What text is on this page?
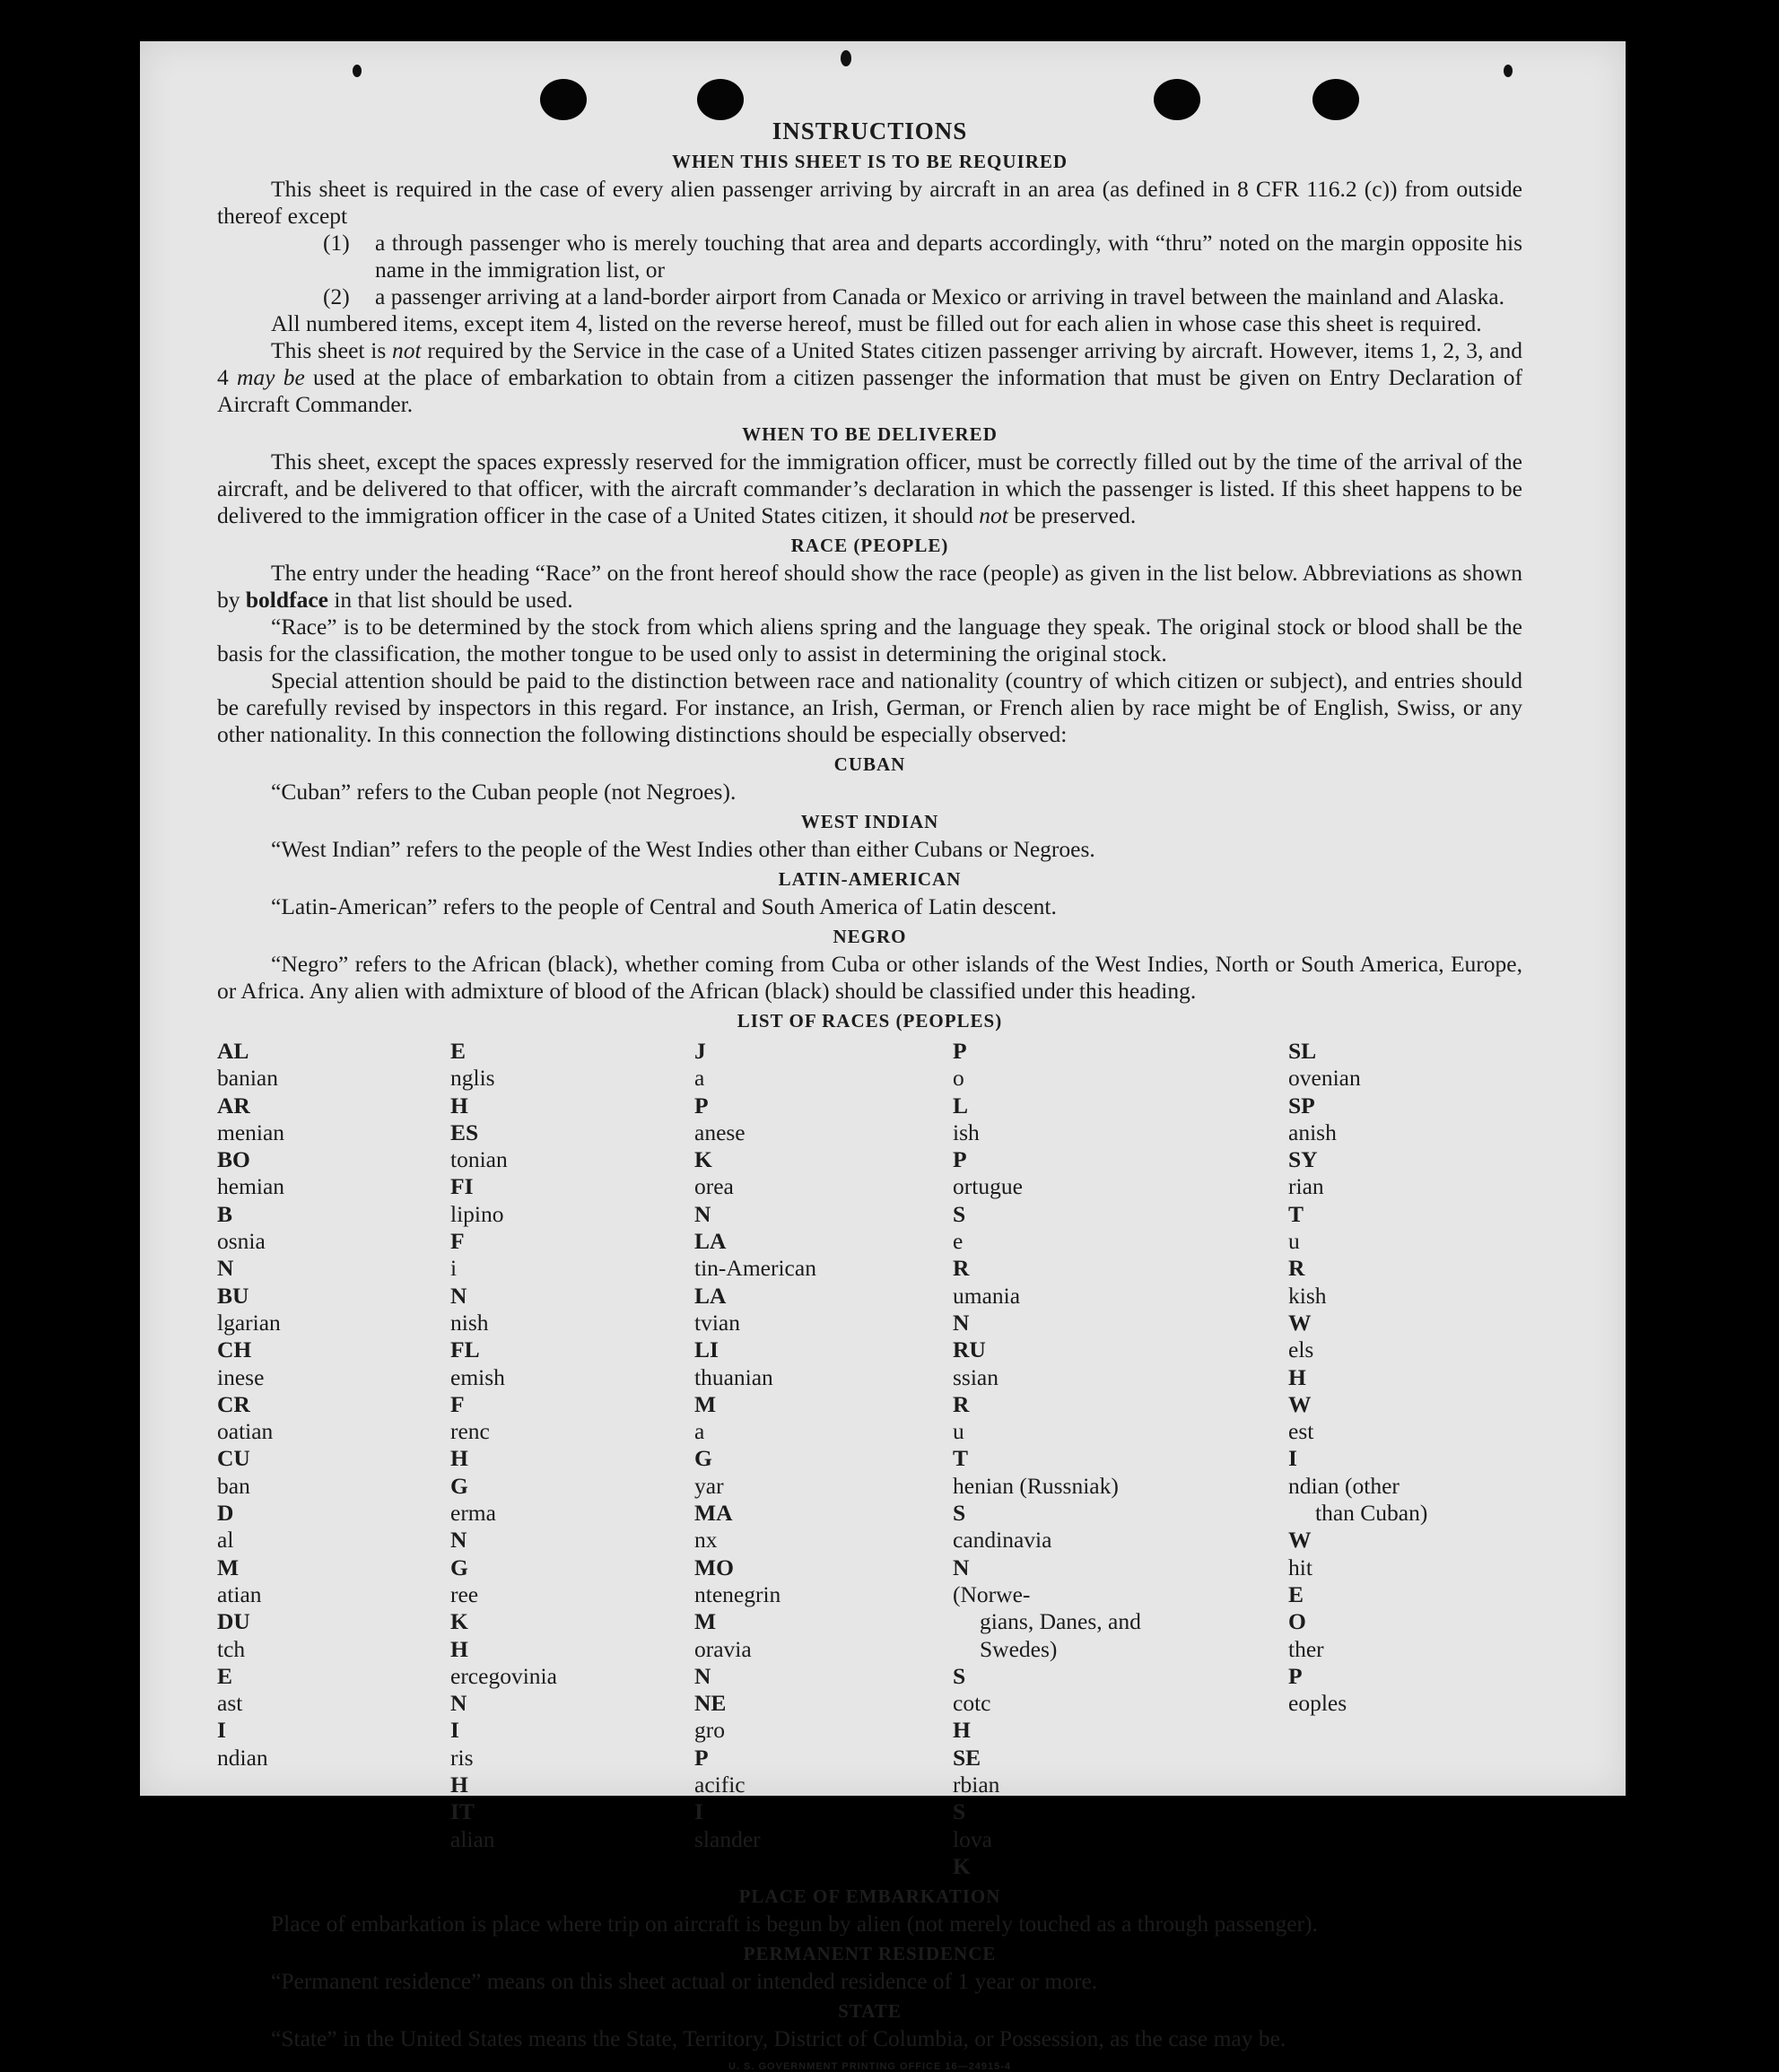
INSTRUCTIONS
WHEN THIS SHEET IS TO BE REQUIRED

This sheet is required in the case of every alien passenger arriving by aircraft in an area (as defined in 8 CFR 116.2 (c)) from outside thereof except

(1)	a through passenger who is merely touching that area and departs accordingly, with “thru” noted on the margin opposite his name in the immigration list, or
(2)	a passenger arriving at a land-border airport from Canada or Mexico or arriving in travel between the mainland and Alaska.

All numbered items, except item 4, listed on the reverse hereof, must be filled out for each alien in whose case this sheet is required.

This sheet is not required by the Service in the case of a United States citizen passenger arriving by aircraft. However, items 1, 2, 3, and 4 may be used at the place of embarkation to obtain from a citizen passenger the information that must be given on Entry Declaration of Aircraft Commander.

WHEN TO BE DELIVERED

This sheet, except the spaces expressly reserved for the immigration officer, must be correctly filled out by the time of the arrival of the aircraft, and be delivered to that officer, with the aircraft commander’s declaration in which the passenger is listed. If this sheet happens to be delivered to the immigration officer in the case of a United States citizen, it should not be preserved.

RACE (PEOPLE)

The entry under the heading “Race” on the front hereof should show the race (people) as given in the list below. Abbreviations as shown by boldface in that list should be used.

“Race” is to be determined by the stock from which aliens spring and the language they speak. The original stock or blood shall be the basis for the classification, the mother tongue to be used only to assist in determining the original stock.

Special attention should be paid to the distinction between race and nationality (country of which citizen or subject), and entries should be carefully revised by inspectors in this regard. For instance, an Irish, German, or French alien by race might be of English, Swiss, or any other nationality. In this connection the following distinctions should be especially observed:

CUBAN

“Cuban” refers to the Cuban people (not Negroes).

WEST INDIAN

“West Indian” refers to the people of the West Indies other than either Cubans or Negroes.

LATIN-AMERICAN

“Latin-American” refers to the people of Central and South America of Latin descent.

NEGRO

“Negro” refers to the African (black), whether coming from Cuba or other islands of the West Indies, North or South America, Europe, or Africa. Any alien with admixture of blood of the African (black) should be classified under this heading.

LIST OF RACES (PEOPLES)
AL
banian
AR
menian
BO
hemian
B
osnia
N
BU
lgarian
CH
inese
CR
oatian
CU
ban
D
al
M
atian
DU
tch
E
ast
I
ndian
E
nglis
H
ES
tonian
FI
lipino
F
i
N
nish
FL
emish
F
renc
H
G
erma
N
G
ree
K
H
ercegovinia
N
I
ris
H
IT
alian
J
a
P
anese
K
orea
N
LA
tin-American
LA
tvian
LI
thuanian
M
a
G
yar
MA
nx
MO
ntenegrin
M
oravia
N
NE
gro
P
acific
I
slander
P
o
L
ish
P
ortugue
S
e
R
umania
N
RU
ssian
R
u
T
henian (Russniak)
S
candinavia
N
(Norwe-
gians, Danes, and
Swedes)
S
cotc
H
SE
rbian
S
lova
K
SL
ovenian
SP
anish
SY
rian
T
u
R
kish
W
els
H
W
est
I
ndian (other
than Cuban)
W
hit
E
O
ther
P
eoples
PLACE OF EMBARKATION

Place of embarkation is place where trip on aircraft is begun by alien (not merely touched as a through passenger).

PERMANENT RESIDENCE

“Permanent residence” means on this sheet actual or intended residence of 1 year or more.

STATE

“State” in the United States means the State, Territory, District of Columbia, or Possession, as the case may be.

U. S. GOVERNMENT PRINTING OFFICE 16—24915-4
